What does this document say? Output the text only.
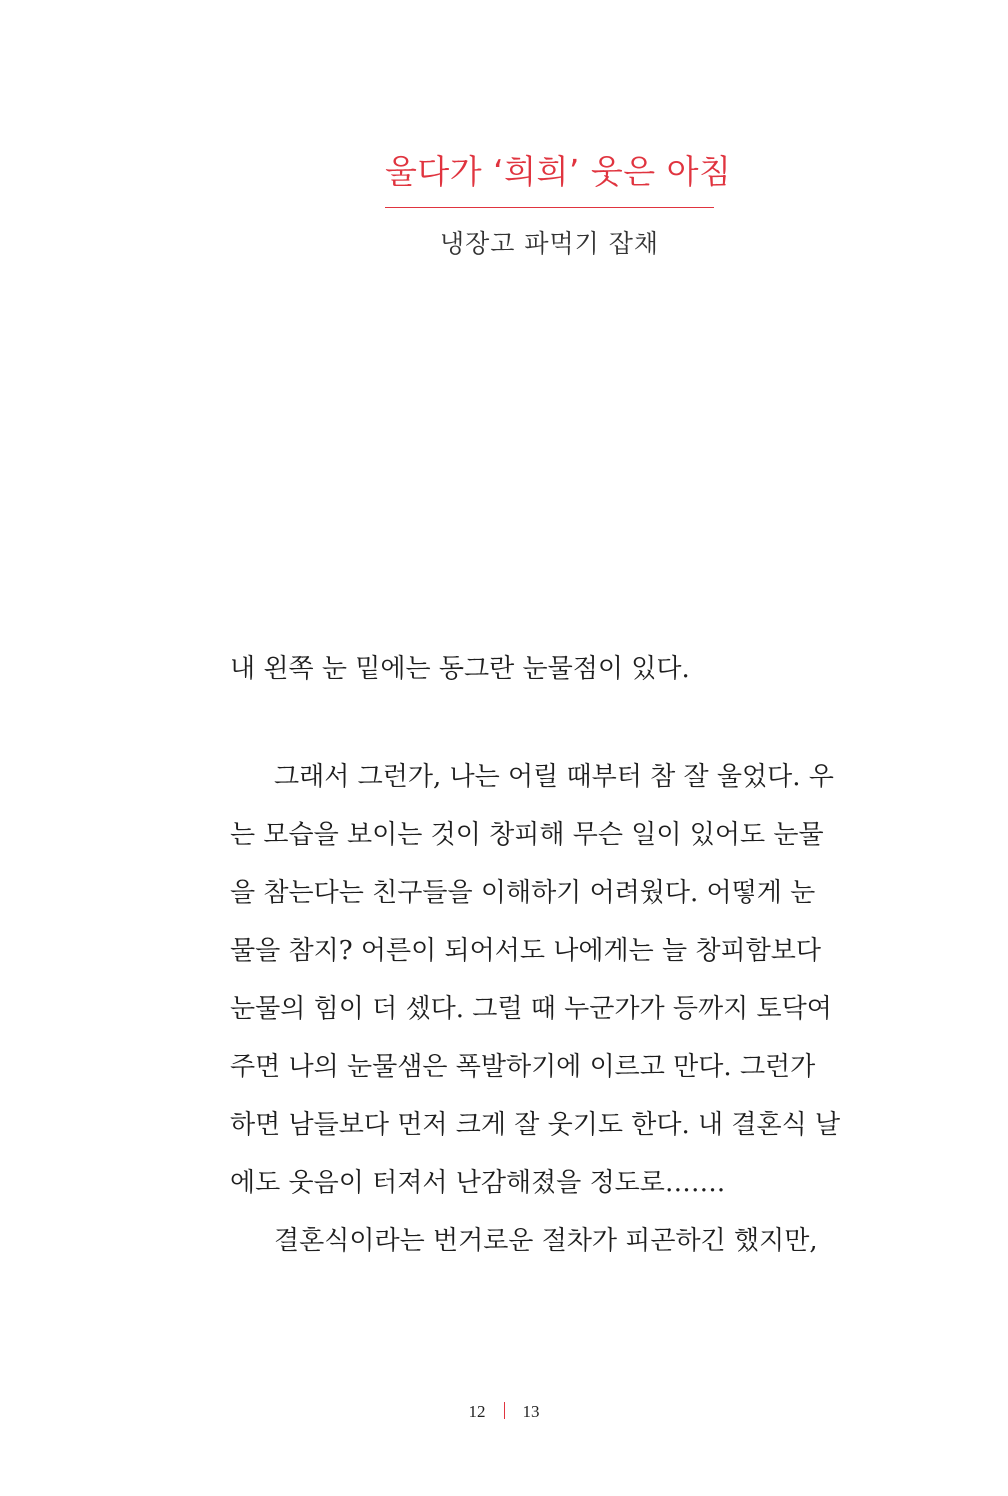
울다가 ‘희희’ 웃은 아침
냉장고 파먹기 잡채
내 왼쪽 눈 밑에는 동그란 눈물점이 있다.
그래서 그런가, 나는 어릴 때부터 참 잘 울었다. 우
는 모습을 보이는 것이 창피해 무슨 일이 있어도 눈물
을 참는다는 친구들을 이해하기 어려웠다. 어떻게 눈
물을 참지? 어른이 되어서도 나에게는 늘 창피함보다
눈물의 힘이 더 셌다. 그럴 때 누군가가 등까지 토닥여
주면 나의 눈물샘은 폭발하기에 이르고 만다. 그런가
하면 남들보다 먼저 크게 잘 웃기도 한다. 내 결혼식 날
에도 웃음이 터져서 난감해졌을 정도로…….
결혼식이라는 번거로운 절차가 피곤하긴 했지만,
12 13
